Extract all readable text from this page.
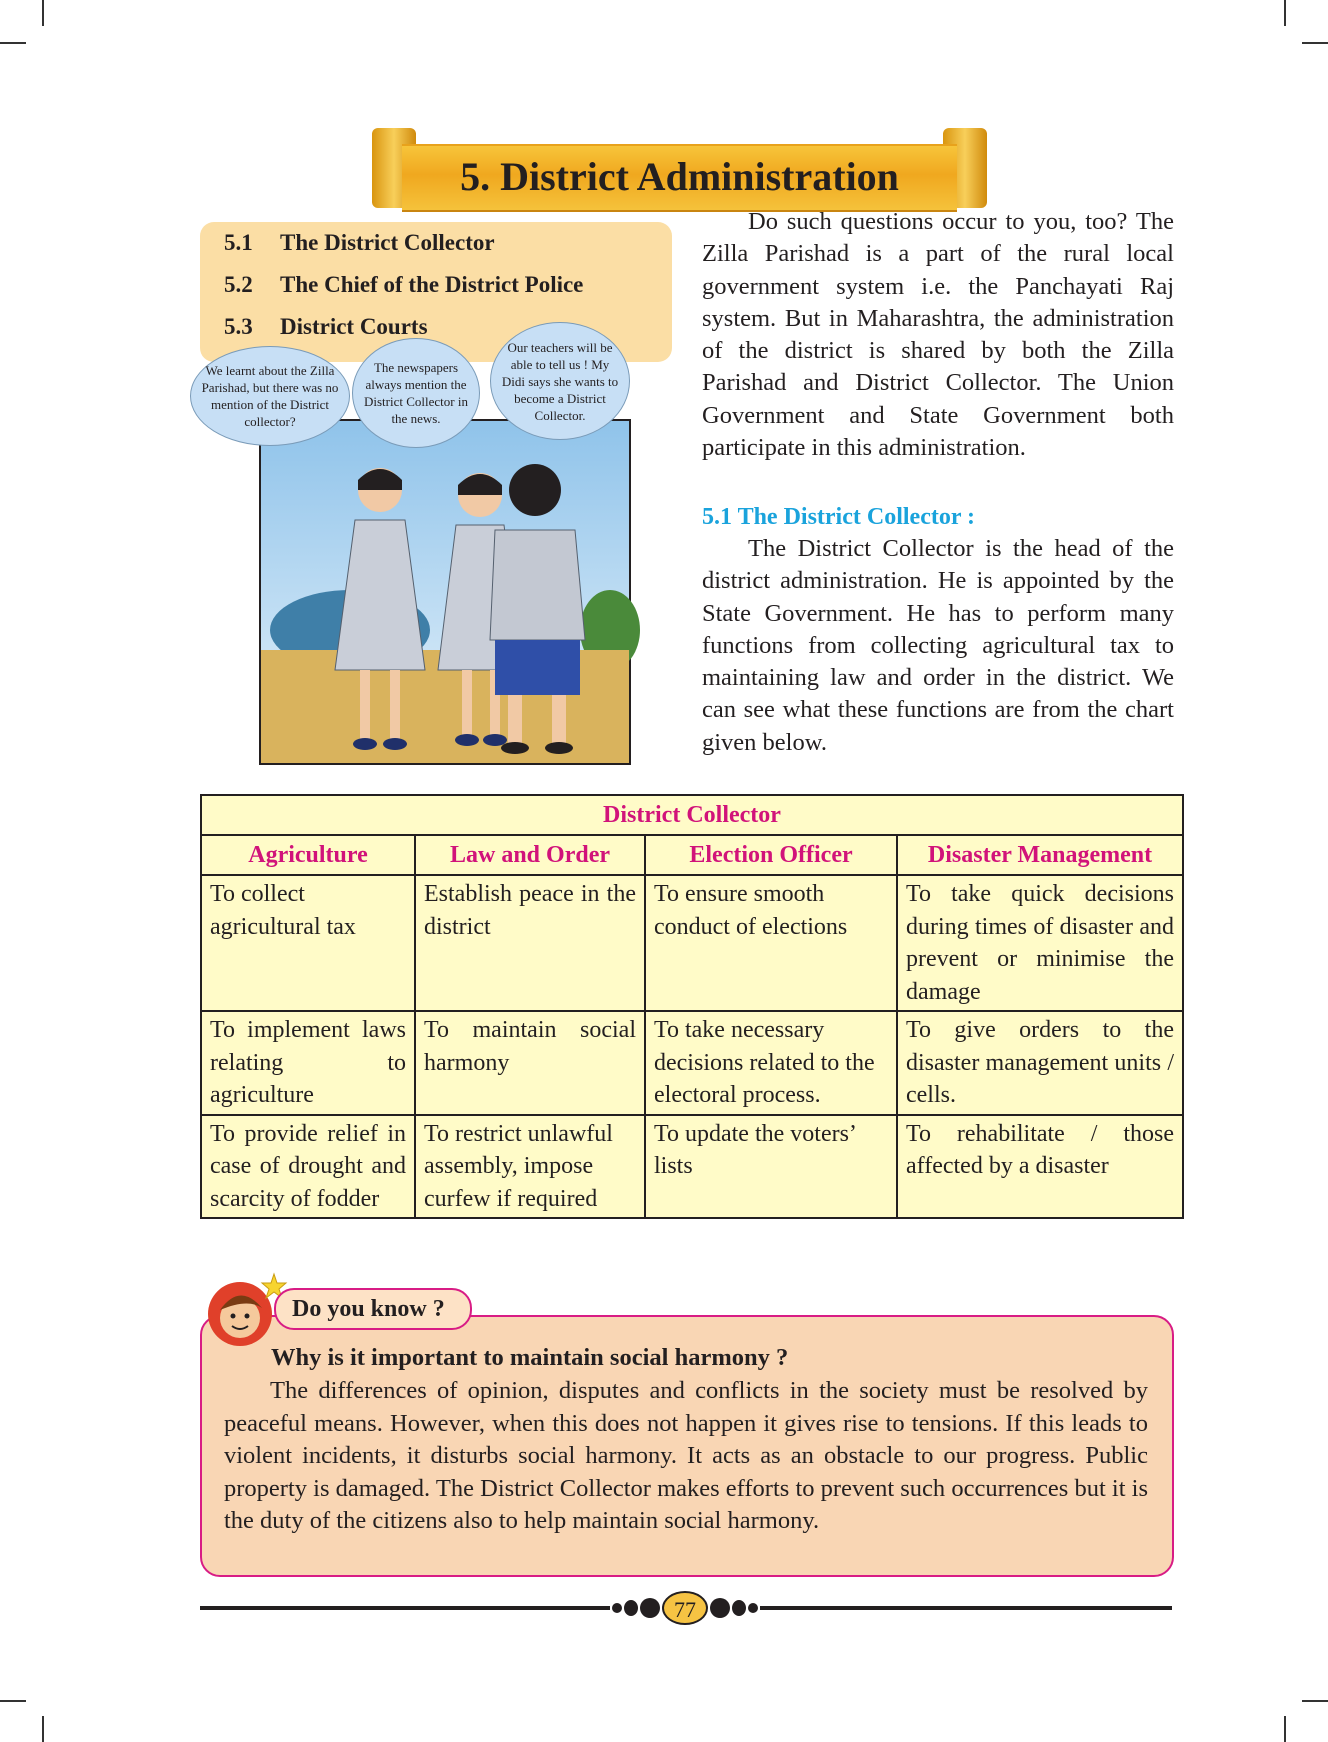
5. District Administration
5.1 The District Collector
5.2 The Chief of the District Police
5.3 District Courts
We learnt about the Zilla Parishad, but there was no mention of the District collector?
The newspapers always mention the District Collector in the news.
Our teachers will be able to tell us ! My Didi says she wants to become a District Collector.

Do such questions occur to you, too? The Zilla Parishad is a part of the rural local government system i.e. the Panchayati Raj system. But in Maharashtra, the administration of the district is shared by both the Zilla Parishad and District Collector. The Union Government and State Government both participate in this administration.

5.1 The District Collector :

The District Collector is the head of the district administration. He is appointed by the State Government. He has to perform many functions from collecting agricultural tax to maintaining law and order in the district. We can see what these functions are from the chart given below.

District Collector			
Agriculture	Law and Order	Election Officer	Disaster Management
To collect agricultural tax	Establish peace in the district	To ensure smooth conduct of elections	To take quick decisions during times of disaster and prevent or minimise the damage
To implement laws relating to agriculture	To maintain social harmony	To take necessary decisions related to the electoral process.	To give orders to the disaster management units / cells.
To provide relief in case of drought and scarcity of fodder	To restrict unlawful assembly, impose curfew if required	To update the voters’ lists	To rehabilitate / those affected by a disaster
Do you know ?
Why is it important to maintain social harmony ?

The differences of opinion, disputes and conflicts in the society must be resolved by peaceful means. However, when this does not happen it gives rise to tensions. If this leads to violent incidents, it disturbs social harmony. It acts as an obstacle to our progress. Public property is damaged. The District Collector makes efforts to prevent such occurrences but it is the duty of the citizens also to help maintain social harmony.

77
